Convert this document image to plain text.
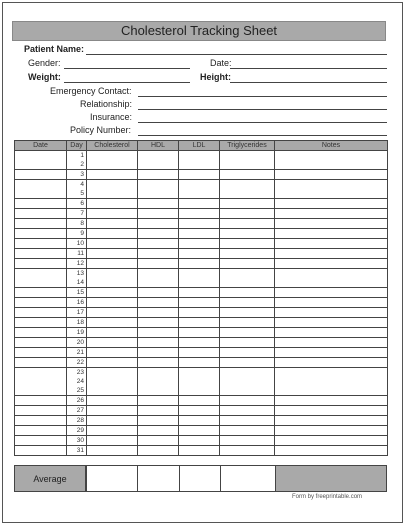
Cholesterol Tracking Sheet
Patient Name:
Gender:	Date:
Weight:	Height:
Emergency Contact:
Relationship:
Insurance:
Policy Number:
Date	Day	Cholesterol	HDL	LDL	Triglycerides	Notes

	1
2					

	3					

	4
5					

	6					

	7					

	8					

	9					

	10					

	11					

	12					

	13
14					

	15					

	16					

	17					

	18					

	19					

	20					

	21					

	22					

	23
24
25					

	26					

	27					

	28					

	29					

	30					

	31					

Average
Form by freeprintable.com
